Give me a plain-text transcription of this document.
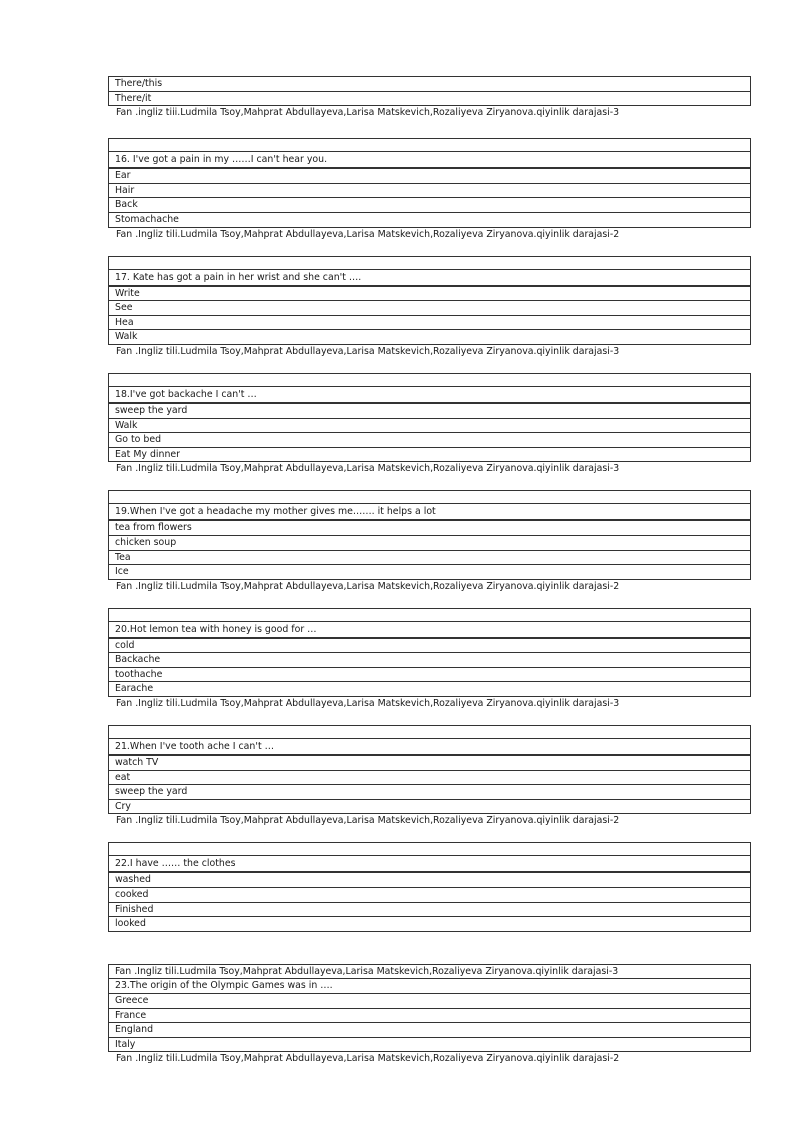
There/this
There/it
Fan .ingliz tiii.Ludmila Tsoy,Mahprat Abdullayeva,Larisa Matskevich,Rozaliyeva Ziryanova.qiyinlik darajasi-3
16. I've got a pain in my ……I can't hear you.
Ear
Hair
Back
Stomachache
Fan .Ingliz tili.Ludmila Tsoy,Mahprat Abdullayeva,Larisa Matskevich,Rozaliyeva Ziryanova.qiyinlik darajasi-2
17. Kate has got a pain in her wrist and she can't ….
Write
See
Hea
Walk
Fan .Ingliz tili.Ludmila Tsoy,Mahprat Abdullayeva,Larisa Matskevich,Rozaliyeva Ziryanova.qiyinlik darajasi-3
18.I've got backache I can't …
sweep the yard
Walk
Go to bed
Eat My dinner
Fan .Ingliz tili.Ludmila Tsoy,Mahprat Abdullayeva,Larisa Matskevich,Rozaliyeva Ziryanova.qiyinlik darajasi-3
19.When I've got a headache my mother gives me……. it helps a lot
tea from flowers
chicken soup
Tea
Ice
Fan .Ingliz tili.Ludmila Tsoy,Mahprat Abdullayeva,Larisa Matskevich,Rozaliyeva Ziryanova.qiyinlik darajasi-2
20.Hot lemon tea with honey is good for …
cold
Backache
toothache
Earache
Fan .Ingliz tili.Ludmila Tsoy,Mahprat Abdullayeva,Larisa Matskevich,Rozaliyeva Ziryanova.qiyinlik darajasi-3
21.When I've tooth ache I can't …
watch TV
eat
sweep the yard
Cry
Fan .Ingliz tili.Ludmila Tsoy,Mahprat Abdullayeva,Larisa Matskevich,Rozaliyeva Ziryanova.qiyinlik darajasi-2
22.I have …… the clothes
washed
cooked
Finished
looked
Fan .Ingliz tili.Ludmila Tsoy,Mahprat Abdullayeva,Larisa Matskevich,Rozaliyeva Ziryanova.qiyinlik darajasi-3
23.The origin of the Olympic Games was in ….
Greece
France
England
Italy
Fan .Ingliz tili.Ludmila Tsoy,Mahprat Abdullayeva,Larisa Matskevich,Rozaliyeva Ziryanova.qiyinlik darajasi-2
